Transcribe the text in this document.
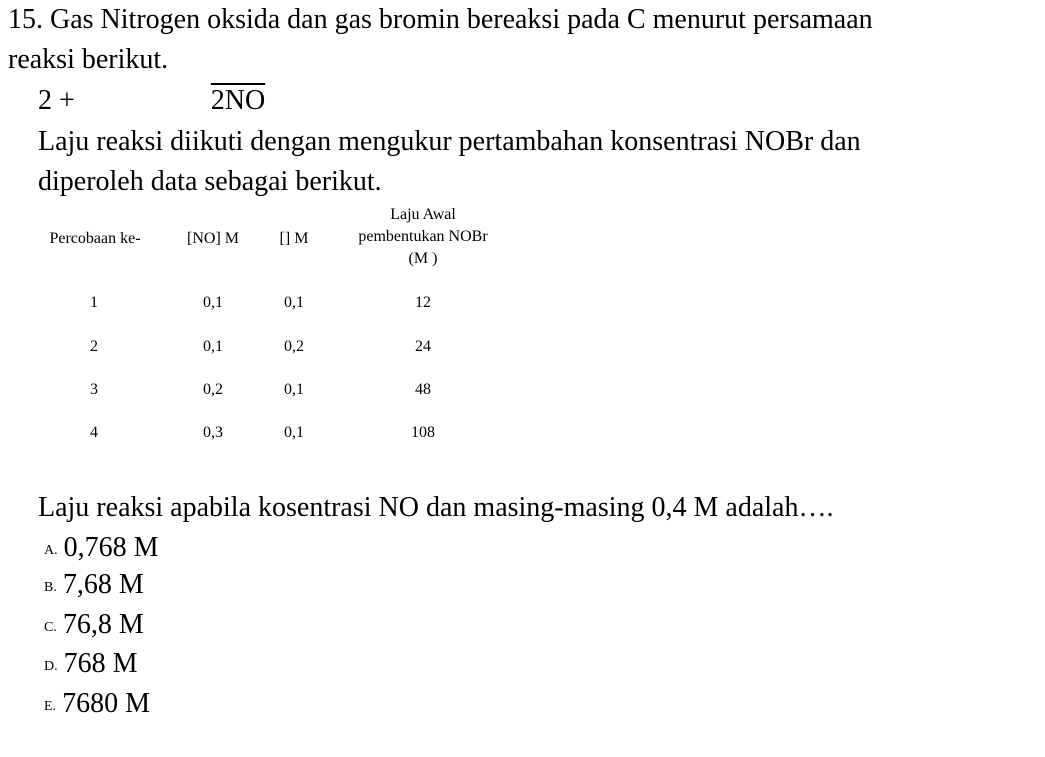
15. Gas Nitrogen oksida dan gas bromin bereaksi pada C menurut persamaan
reaksi berikut.
2 +	2NO
Laju reaksi diikuti dengan mengukur pertambahan konsentrasi NOBr dan
diperoleh data sebagai berikut.
Percobaan ke-	[NO] M	[] M
Laju Awal
pembentukan NOBr
(M )
1	0,1	0,1	12
2	0,1	0,2	24
3	0,2	0,1	48
4	0,3	0,1	108
Laju reaksi apabila kosentrasi NO dan masing-masing 0,4 M adalah….
A. 0,768 M
B. 7,68 M
C. 76,8 M
D. 768 M
E. 7680 M
